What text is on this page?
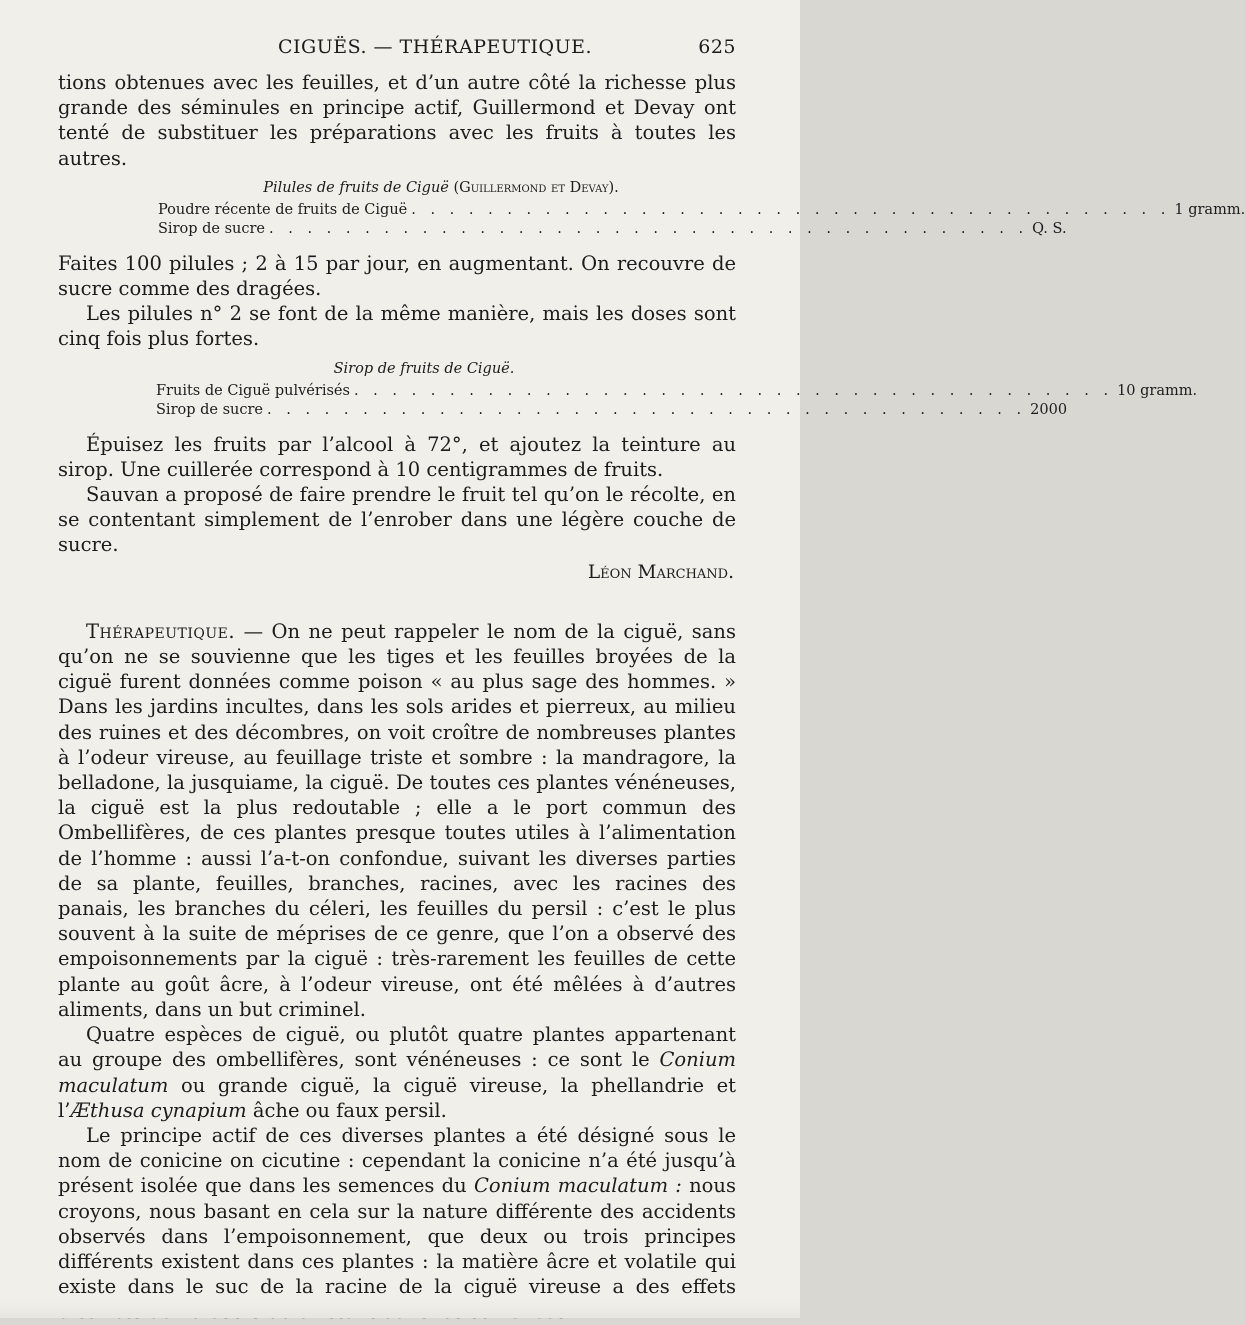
CIGUËS. — THÉRAPEUTIQUE.	625

tions obtenues avec les feuilles, et d’un autre côté la richesse plus grande des séminules en principe actif, Guillermond et Devay ont tenté de substituer les préparations avec les fruits à toutes les autres.

Pilules de fruits de Ciguë (Guillermond et Devay).
Poudre récente de fruits de Ciguë . . . . . . . . . . . . . . . . . . . . . . . . . . . . . . . . . . . . . . . . 1 gramm.
Sirop de sucre . . . . . . . . . . . . . . . . . . . . . . . . . . . . . . . . . . . . . . . . Q. S.

Faites 100 pilules ; 2 à 15 par jour, en augmentant. On recouvre de sucre comme des dragées.

Les pilules n° 2 se font de la même manière, mais les doses sont cinq fois plus fortes.

Sirop de fruits de Ciguë.
Fruits de Ciguë pulvérisés . . . . . . . . . . . . . . . . . . . . . . . . . . . . . . . . . . . . . . . . 10 gramm.
Sirop de sucre . . . . . . . . . . . . . . . . . . . . . . . . . . . . . . . . . . . . . . . . 2000

Épuisez les fruits par l’alcool à 72°, et ajoutez la teinture au sirop. Une cuillerée correspond à 10 centigrammes de fruits.

Sauvan a proposé de faire prendre le fruit tel qu’on le récolte, en se contentant simplement de l’enrober dans une légère couche de sucre.

Léon Marchand.

Thérapeutique. — On ne peut rappeler le nom de la ciguë, sans qu’on ne se souvienne que les tiges et les feuilles broyées de la ciguë furent données comme poison « au plus sage des hommes. » Dans les jardins incultes, dans les sols arides et pierreux, au milieu des ruines et des décombres, on voit croître de nombreuses plantes à l’odeur vireuse, au feuillage triste et sombre : la mandragore, la belladone, la jusquiame, la ciguë. De toutes ces plantes vénéneuses, la ciguë est la plus redoutable ; elle a le port commun des Ombellifères, de ces plantes presque toutes utiles à l’alimentation de l’homme : aussi l’a-t-on confondue, suivant les diverses parties de sa plante, feuilles, branches, racines, avec les racines des panais, les branches du céleri, les feuilles du persil : c’est le plus souvent à la suite de méprises de ce genre, que l’on a observé des empoisonnements par la ciguë : très-rarement les feuilles de cette plante au goût âcre, à l’odeur vireuse, ont été mêlées à d’autres aliments, dans un but criminel.

Quatre espèces de ciguë, ou plutôt quatre plantes appartenant au groupe des ombellifères, sont vénéneuses : ce sont le Conium maculatum ou grande ciguë, la ciguë vireuse, la phellandrie et l’Æthusa cynapium âche ou faux persil.

Le principe actif de ces diverses plantes a été désigné sous le nom de conicine on cicutine : cependant la conicine n’a été jusqu’à présent isolée que dans les semences du Conium maculatum : nous croyons, nous basant en cela sur la nature différente des accidents observés dans l’empoisonnement, que deux ou trois principes différents existent dans ces plantes : la matière âcre et volatile qui existe dans le suc de la racine de la ciguë vireuse a des effets
